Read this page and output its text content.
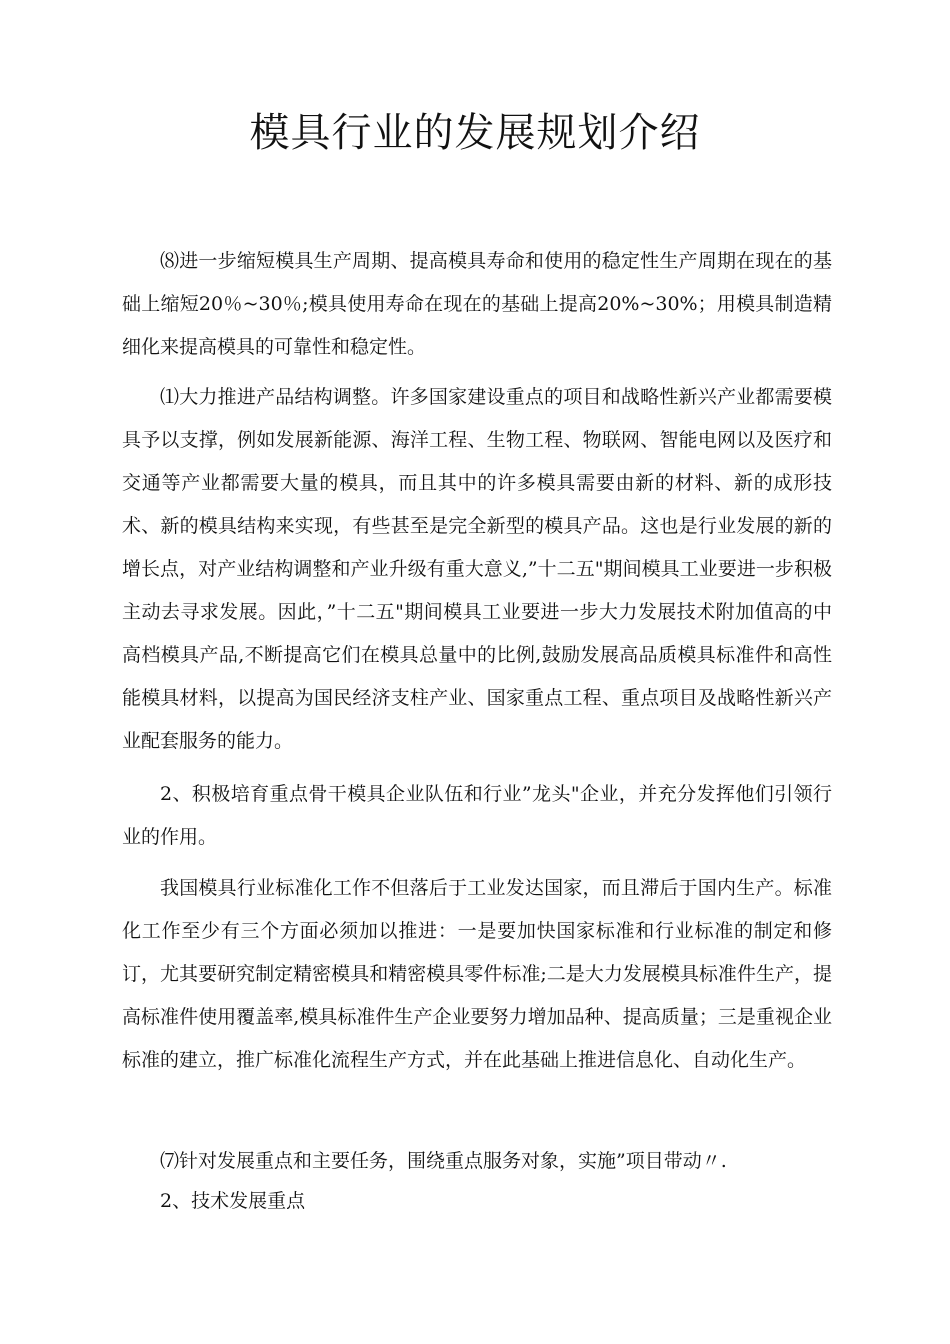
模具行业的发展规划介绍

⑻进一步缩短模具生产周期、提高模具寿命和使用的稳定性生产周期在现在的基础上缩短20％~30％;模具使用寿命在现在的基础上提高20%~30%；用模具制造精细化来提高模具的可靠性和稳定性。

⑴大力推进产品结构调整。许多国家建设重点的项目和战略性新兴产业都需要模具予以支撑，例如发展新能源、海洋工程、生物工程、物联网、智能电网以及医疗和交通等产业都需要大量的模具，而且其中的许多模具需要由新的材料、新的成形技术、新的模具结构来实现，有些甚至是完全新型的模具产品。这也是行业发展的新的增长点，对产业结构调整和产业升级有重大意义,”十二五"期间模具工业要进一步积极主动去寻求发展。因此，”十二五"期间模具工业要进一步大力发展技术附加值高的中高档模具产品,不断提高它们在模具总量中的比例,鼓励发展高品质模具标准件和高性能模具材料，以提高为国民经济支柱产业、国家重点工程、重点项目及战略性新兴产业配套服务的能力。

2、积极培育重点骨干模具企业队伍和行业”龙头"企业，并充分发挥他们引领行业的作用。

我国模具行业标准化工作不但落后于工业发达国家，而且滞后于国内生产。标准化工作至少有三个方面必须加以推进：一是要加快国家标准和行业标准的制定和修订，尤其要研究制定精密模具和精密模具零件标准;二是大力发展模具标准件生产，提高标准件使用覆盖率,模具标准件生产企业要努力增加品种、提高质量；三是重视企业标准的建立，推广标准化流程生产方式，并在此基础上推进信息化、自动化生产。

⑺针对发展重点和主要任务，围绕重点服务对象，实施”项目带动〃.

2、技术发展重点
